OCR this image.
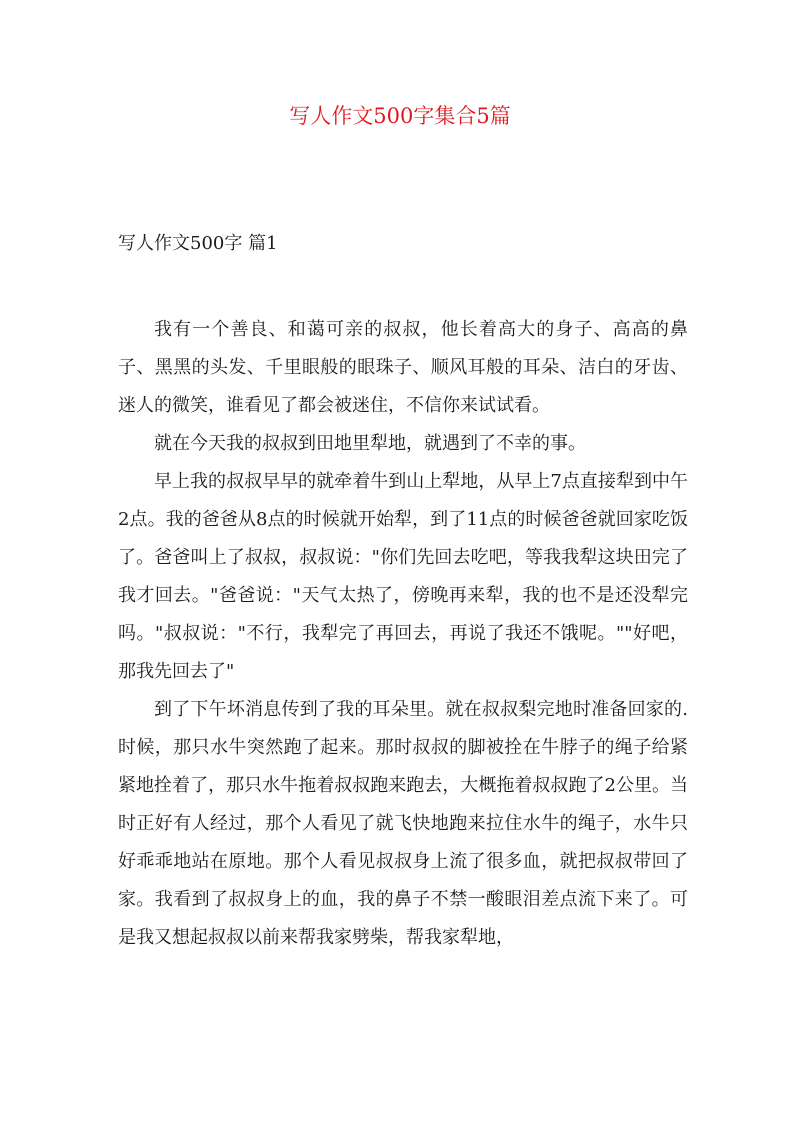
写人作文500字集合5篇
写人作文500字 篇1

我有一个善良、和蔼可亲的叔叔，他长着高大的身子、高高的鼻子、黑黑的头发、千里眼般的眼珠子、顺风耳般的耳朵、洁白的牙齿、迷人的微笑，谁看见了都会被迷住，不信你来试试看。

就在今天我的叔叔到田地里犁地，就遇到了不幸的事。

早上我的叔叔早早的就牵着牛到山上犁地，从早上7点直接犁到中午2点。我的爸爸从8点的时候就开始犁，到了11点的时候爸爸就回家吃饭了。爸爸叫上了叔叔，叔叔说："你们先回去吃吧，等我我犁这块田完了我才回去。"爸爸说："天气太热了，傍晚再来犁，我的也不是还没犁完吗。"叔叔说："不行，我犁完了再回去，再说了我还不饿呢。""好吧，那我先回去了"

到了下午坏消息传到了我的耳朵里。就在叔叔梨完地时准备回家的.时候，那只水牛突然跑了起来。那时叔叔的脚被拴在牛脖子的绳子给紧紧地拴着了，那只水牛拖着叔叔跑来跑去，大概拖着叔叔跑了2公里。当时正好有人经过，那个人看见了就飞快地跑来拉住水牛的绳子，水牛只好乖乖地站在原地。那个人看见叔叔身上流了很多血，就把叔叔带回了家。我看到了叔叔身上的血，我的鼻子不禁一酸眼泪差点流下来了。可是我又想起叔叔以前来帮我家劈柴，帮我家犁地，
